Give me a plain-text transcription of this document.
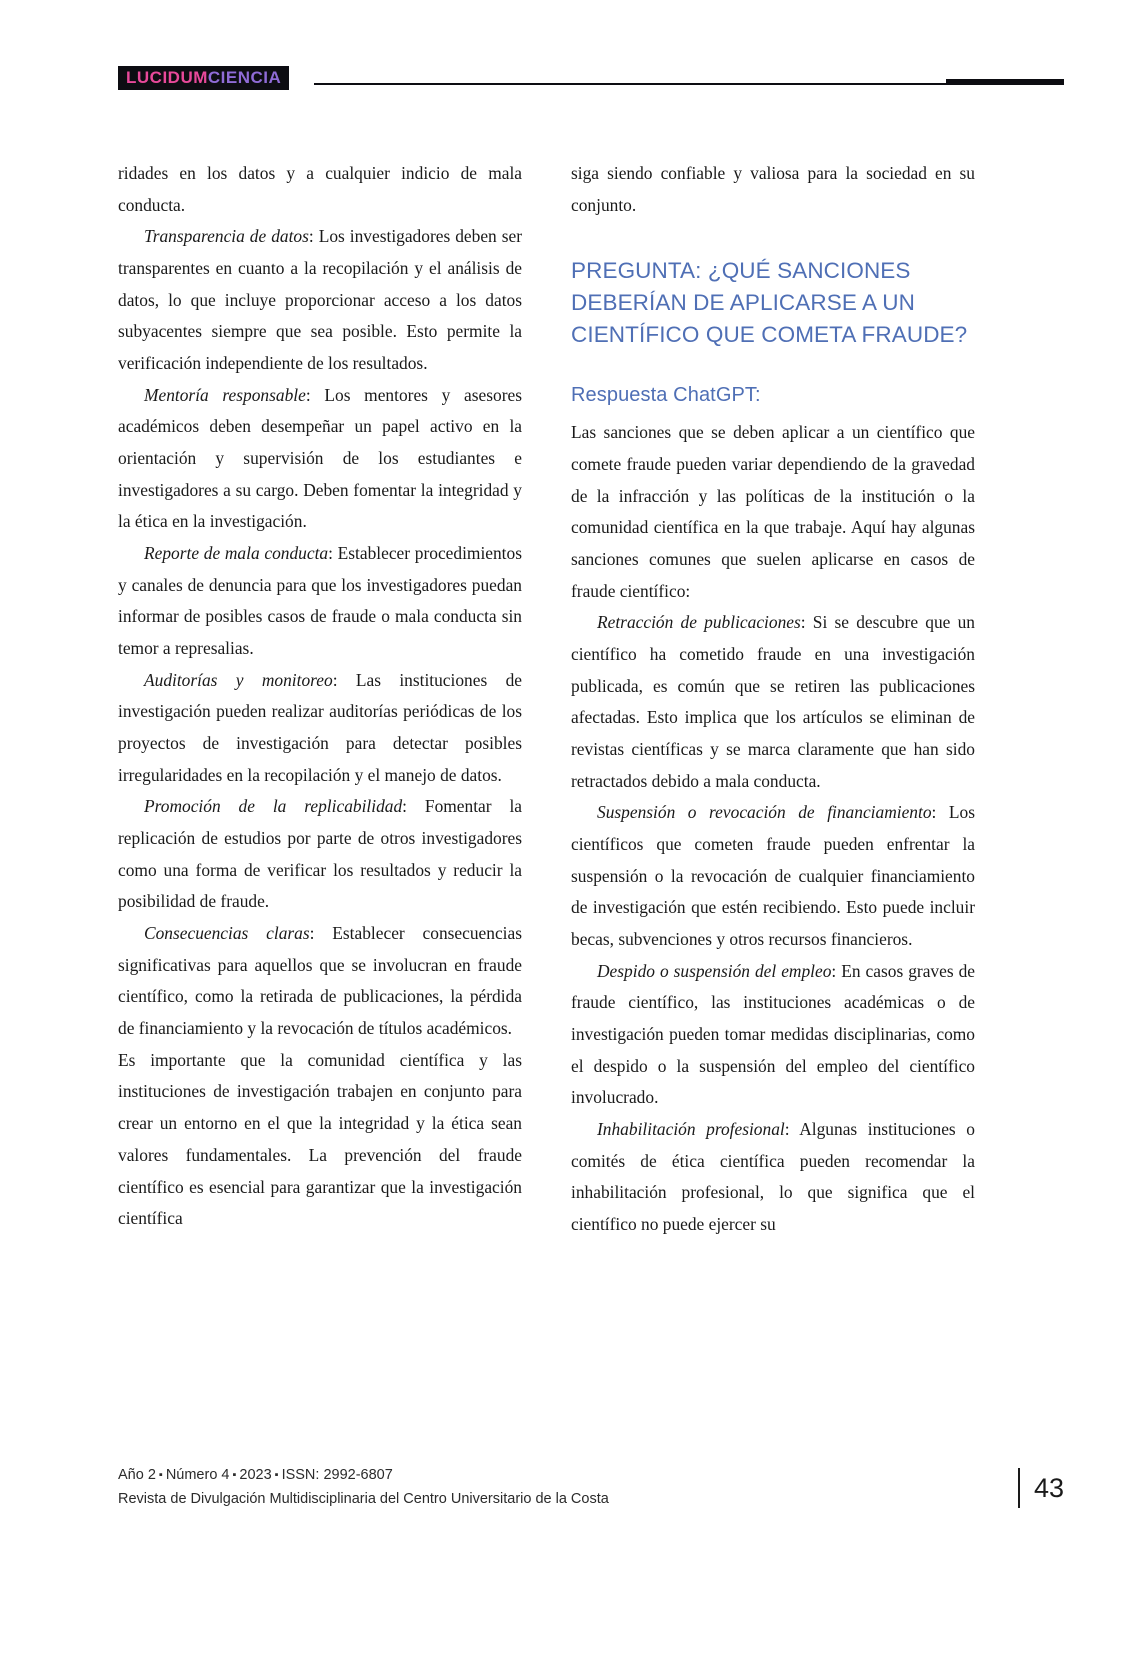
LUCIDUMCIENCIA

ridades en los datos y a cualquier indicio de mala conducta.

Transparencia de datos: Los investigadores deben ser transparentes en cuanto a la recopilación y el análisis de datos, lo que incluye proporcionar acceso a los datos subyacentes siempre que sea posible. Esto permite la verificación independiente de los resultados.

Mentoría responsable: Los mentores y asesores académicos deben desempeñar un papel activo en la orientación y supervisión de los estudiantes e investigadores a su cargo. Deben fomentar la integridad y la ética en la investigación.

Reporte de mala conducta: Establecer procedimientos y canales de denuncia para que los investigadores puedan informar de posibles casos de fraude o mala conducta sin temor a represalias.

Auditorías y monitoreo: Las instituciones de investigación pueden realizar auditorías periódicas de los proyectos de investigación para detectar posibles irregularidades en la recopilación y el manejo de datos.

Promoción de la replicabilidad: Fomentar la replicación de estudios por parte de otros investigadores como una forma de verificar los resultados y reducir la posibilidad de fraude.

Consecuencias claras: Establecer consecuencias significativas para aquellos que se involucran en fraude científico, como la retirada de publicaciones, la pérdida de financiamiento y la revocación de títulos académicos.

Es importante que la comunidad científica y las instituciones de investigación trabajen en conjunto para crear un entorno en el que la integridad y la ética sean valores fundamentales. La prevención del fraude científico es esencial para garantizar que la investigación científica

siga siendo confiable y valiosa para la sociedad en su conjunto.

PREGUNTA: ¿QUÉ SANCIONES DEBERÍAN DE APLICARSE A UN CIENTÍFICO QUE COMETA FRAUDE?
Respuesta ChatGPT:

Las sanciones que se deben aplicar a un científico que comete fraude pueden variar dependiendo de la gravedad de la infracción y las políticas de la institución o la comunidad científica en la que trabaje. Aquí hay algunas sanciones comunes que suelen aplicarse en casos de fraude científico:

Retracción de publicaciones: Si se descubre que un científico ha cometido fraude en una investigación publicada, es común que se retiren las publicaciones afectadas. Esto implica que los artículos se eliminan de revistas científicas y se marca claramente que han sido retractados debido a mala conducta.

Suspensión o revocación de financiamiento: Los científicos que cometen fraude pueden enfrentar la suspensión o la revocación de cualquier financiamiento de investigación que estén recibiendo. Esto puede incluir becas, subvenciones y otros recursos financieros.

Despido o suspensión del empleo: En casos graves de fraude científico, las instituciones académicas o de investigación pueden tomar medidas disciplinarias, como el despido o la suspensión del empleo del científico involucrado.

Inhabilitación profesional: Algunas instituciones o comités de ética científica pueden recomendar la inhabilitación profesional, lo que significa que el científico no puede ejercer su

Año 2 ▪ Número 4 ▪ 2023 ▪ ISSN: 2992-6807
Revista de Divulgación Multidisciplinaria del Centro Universitario de la Costa	43
